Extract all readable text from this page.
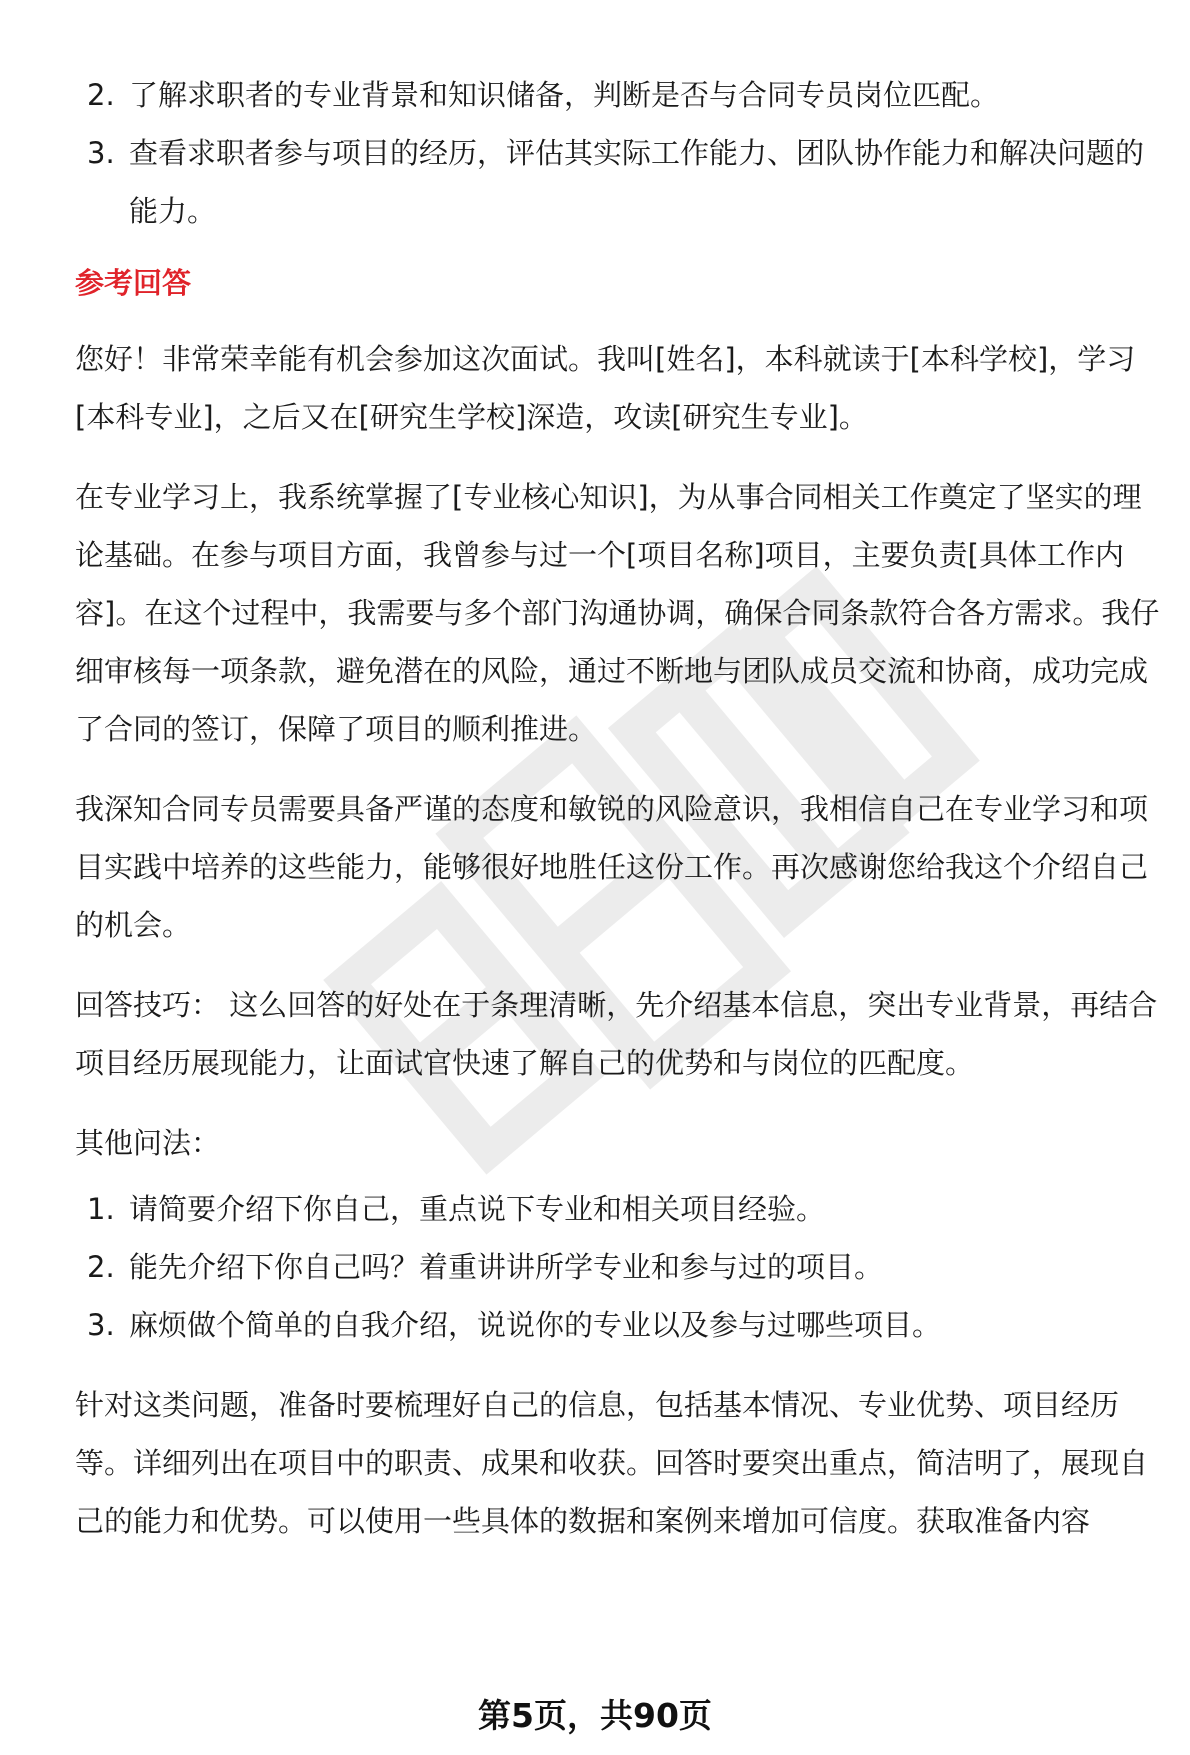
2. 了解求职者的专业背景和知识储备，判断是否与合同专员岗位匹配。
3. 查看求职者参与项目的经历，评估其实际工作能力、团队协作能力和解决问题的能力。
参考回答

您好！非常荣幸能有机会参加这次面试。我叫[姓名]，本科就读于[本科学校]，学习[本科专业]，之后又在[研究生学校]深造，攻读[研究生专业]。

在专业学习上，我系统掌握了[专业核心知识]，为从事合同相关工作奠定了坚实的理论基础。在参与项目方面，我曾参与过一个[项目名称]项目，主要负责[具体工作内容]。在这个过程中，我需要与多个部门沟通协调，确保合同条款符合各方需求。我仔细审核每一项条款，避免潜在的风险，通过不断地与团队成员交流和协商，成功完成了合同的签订，保障了项目的顺利推进。

我深知合同专员需要具备严谨的态度和敏锐的风险意识，我相信自己在专业学习和项目实践中培养的这些能力，能够很好地胜任这份工作。再次感谢您给我这个介绍自己的机会。

回答技巧： 这么回答的好处在于条理清晰，先介绍基本信息，突出专业背景，再结合项目经历展现能力，让面试官快速了解自己的优势和与岗位的匹配度。

其他问法：

1. 请简要介绍下你自己，重点说下专业和相关项目经验。
2. 能先介绍下你自己吗？着重讲讲所学专业和参与过的项目。
3. 麻烦做个简单的自我介绍，说说你的专业以及参与过哪些项目。

针对这类问题，准备时要梳理好自己的信息，包括基本情况、专业优势、项目经历等。详细列出在项目中的职责、成果和收获。回答时要突出重点，简洁明了，展现自己的能力和优势。可以使用一些具体的数据和案例来增加可信度。获取准备内容

第5页，共90页
